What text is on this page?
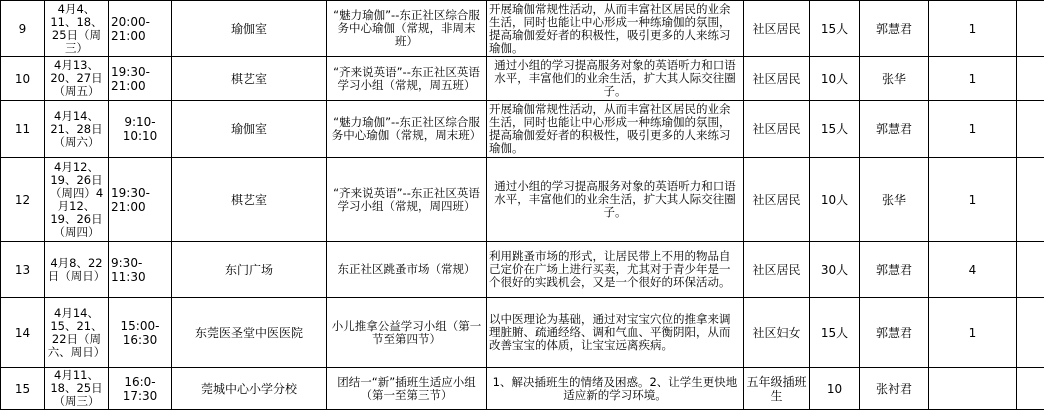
9	4月4、11、18、25日（周三）	20:00-21:00	瑜伽室	“魅力瑜伽”--东正社区综合服务中心瑜伽（常规，非周末班）	开展瑜伽常规性活动，从而丰富社区居民的业余生活，同时也能让中心形成一种练瑜伽的氛围，提高瑜伽爱好者的积极性，吸引更多的人来练习瑜伽。	社区居民	15人	郭慧君	1	
10	4月13、20、27日（周五）	19:30-21:00	棋艺室	“齐来说英语”--东正社区英语学习小组（常规，周五班）	通过小组的学习提高服务对象的英语听力和口语水平，丰富他们的业余生活，扩大其人际交往圈子。	社区居民	10人	张华	1	
11	4月14、21、28日（周六）	9:10-10:10	瑜伽室	“魅力瑜伽”--东正社区综合服务中心瑜伽（常规，周末班）	开展瑜伽常规性活动，从而丰富社区居民的业余生活，同时也能让中心形成一种练瑜伽的氛围，提高瑜伽爱好者的积极性，吸引更多的人来练习瑜伽。	社区居民	15人	郭慧君	1	
12	4月12、19、26日（周四）4月12、19、26日（周四）	19:30-21:00	棋艺室	“齐来说英语”--东正社区英语学习小组（常规，周四班）	通过小组的学习提高服务对象的英语听力和口语水平，丰富他们的业余生活，扩大其人际交往圈子。	社区居民	10人	张华	1	
13	4月8、22日（周日）	9:30-11:30	东门广场	东正社区跳蚤市场（常规）	利用跳蚤市场的形式，让居民带上不用的物品自己定价在广场上进行买卖，尤其对于青少年是一个很好的实践机会，又是一个很好的环保活动。	社区居民	30人	郭慧君	4	
14	4月14、15、21、22日（周六、周日）	15:00-16:30	东莞医圣堂中医医院	小儿推拿公益学习小组（第一节至第四节）	以中医理论为基础，通过对宝宝穴位的推拿来调理脏腑、疏通经络、调和气血、平衡阴阳，从而改善宝宝的体质，让宝宝远离疾病。	社区妇女	15人	郭慧君	1	
15	4月11、18、25日（周三）	16:0-17:30	莞城中心小学分校	团结一“新”插班生适应小组（第一至第三节）	1、解决插班生的情绪及困惑。2、让学生更快地适应新的学习环境。	五年级插班生	10	张衬君		
